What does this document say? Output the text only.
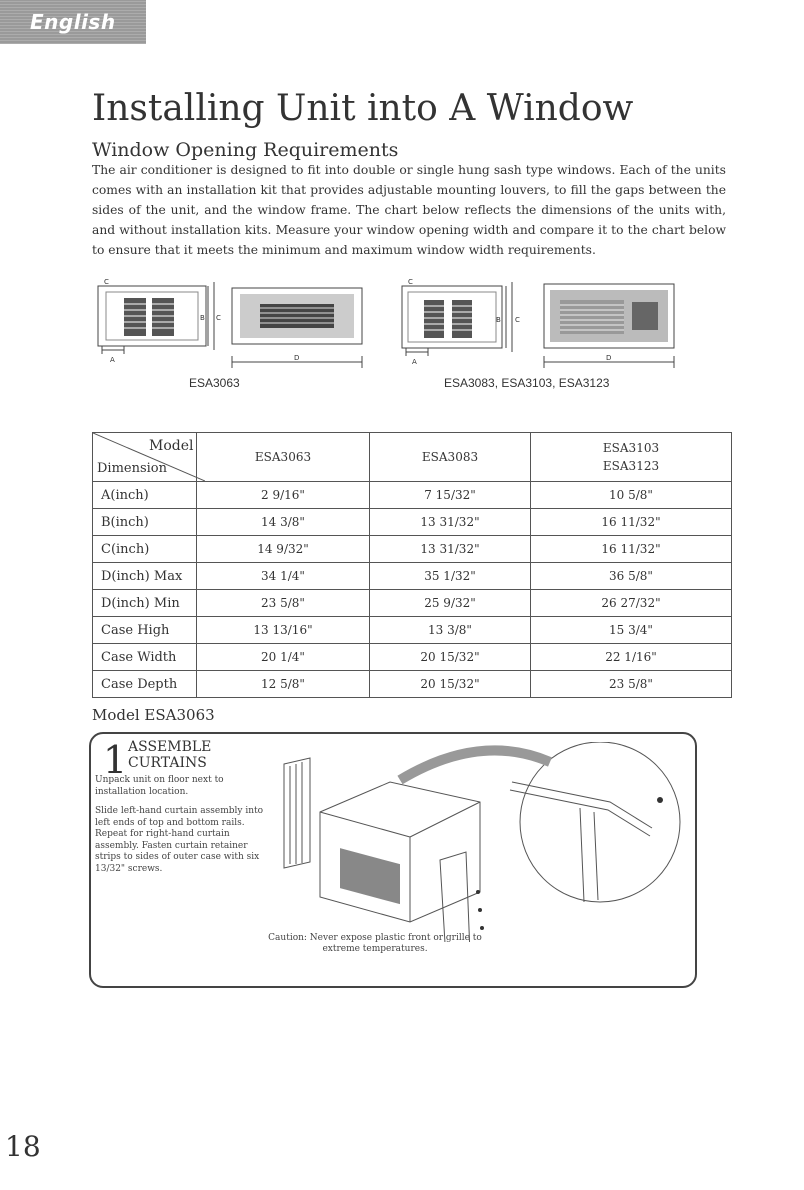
English
Installing Unit into A Window
Window Opening Requirements

The air conditioner is designed to fit into double or single hung sash type windows. Each of the units comes with an installation kit that provides adjustable mounting louvers, to fill the gaps between the sides of the unit, and the window frame. The chart below reflects the dimensions of the units with, and without installation kits. Measure your window opening width and compare it to the chart below to ensure that it meets the minimum and maximum window width requirements.

C
A
B C
D
C
A
B C
D
ESA3063	ESA3083, ESA3103, ESA3123
Model
Dimension	ESA3063	ESA3083	ESA3103
ESA3123
A(inch)	2 9/16"	7 15/32"	10 5/8"
B(inch)	14 3/8"	13 31/32"	16 11/32"
C(inch)	14 9/32"	13 31/32"	16 11/32"
D(inch) Max	34 1/4"	35 1/32"	36 5/8"
D(inch) Min	23 5/8"	25 9/32"	26 27/32"
Case High	13 13/16"	13 3/8"	15 3/4"
Case Width	20 1/4"	20 15/32"	22 1/16"
Case Depth	12 5/8"	20 15/32"	23 5/8"
Model ESA3063
1 ASSEMBLE
CURTAINS

Unpack unit on floor next to installation location.

Slide left-hand curtain assembly into left ends of top and bottom rails. Repeat for right-hand curtain assembly. Fasten curtain retainer strips to sides of outer case with six 13/32" screws.

Caution: Never expose plastic front or grille to extreme temperatures.
18
